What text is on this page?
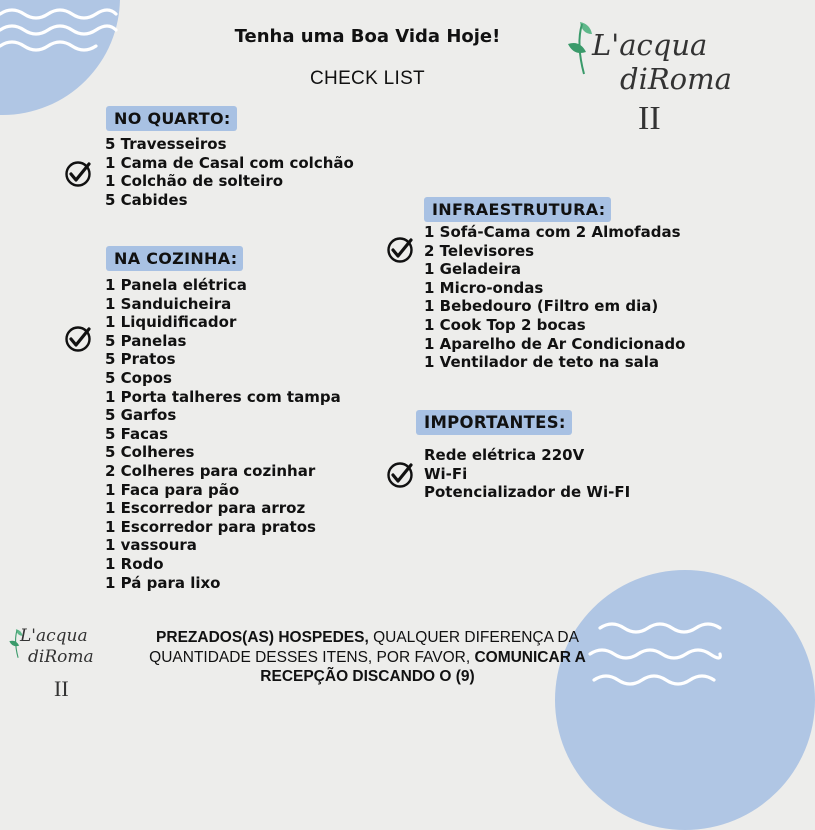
Tenha uma Boa Vida Hoje!
CHECK LIST
L'acqua
diRoma
II
NO QUARTO:
5 Travesseiros
1 Cama de Casal com colchão
1 Colchão de solteiro
5 Cabides
NA COZINHA:
1 Panela elétrica
1 Sanduicheira
1 Liquidificador
5 Panelas
5 Pratos
5 Copos
1 Porta talheres com tampa
5 Garfos
5 Facas
5 Colheres
2 Colheres para cozinhar
1 Faca para pão
1 Escorredor para arroz
1 Escorredor para pratos
1 vassoura
1 Rodo
1 Pá para lixo
INFRAESTRUTURA:
1 Sofá-Cama com 2 Almofadas
2 Televisores
1 Geladeira
1 Micro-ondas
1 Bebedouro (Filtro em dia)
1 Cook Top 2 bocas
1 Aparelho de Ar Condicionado
1 Ventilador de teto na sala
IMPORTANTES:
Rede elétrica 220V
Wi-Fi
Potencializador de Wi-FI
L'acqua
diRoma
II
PREZADOS(AS) HOSPEDES, QUALQUER DIFERENÇA DA QUANTIDADE DESSES ITENS, POR FAVOR, COMUNICAR A RECEPÇÃO DISCANDO O (9)
